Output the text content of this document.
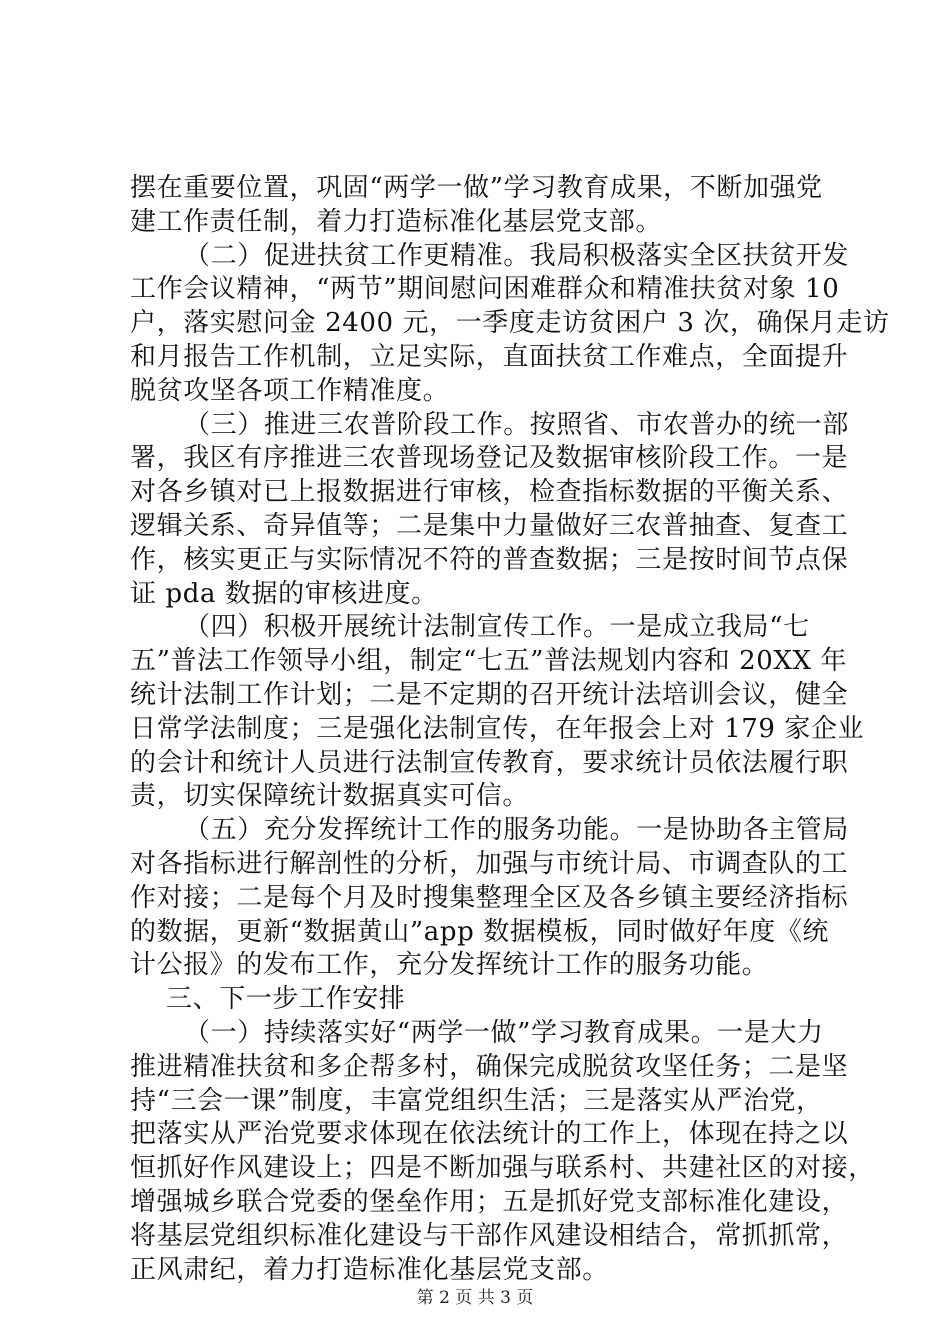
摆在重要位置，巩固“两学一做”学习教育成果，不断加强党
建工作责任制，着力打造标准化基层党支部。
（二）促进扶贫工作更精准。我局积极落实全区扶贫开发
工作会议精神，“两节”期间慰问困难群众和精准扶贫对象 10
户，落实慰问金 2400 元，一季度走访贫困户 3 次，确保月走访
和月报告工作机制，立足实际，直面扶贫工作难点，全面提升
脱贫攻坚各项工作精准度。
（三）推进三农普阶段工作。按照省、市农普办的统一部
署，我区有序推进三农普现场登记及数据审核阶段工作。一是
对各乡镇对已上报数据进行审核，检查指标数据的平衡关系、
逻辑关系、奇异值等；二是集中力量做好三农普抽查、复查工
作，核实更正与实际情况不符的普查数据；三是按时间节点保
证 pda 数据的审核进度。
（四）积极开展统计法制宣传工作。一是成立我局“七
五”普法工作领导小组，制定“七五”普法规划内容和 20XX 年
统计法制工作计划；二是不定期的召开统计法培训会议，健全
日常学法制度；三是强化法制宣传，在年报会上对 179 家企业
的会计和统计人员进行法制宣传教育，要求统计员依法履行职
责，切实保障统计数据真实可信。
（五）充分发挥统计工作的服务功能。一是协助各主管局
对各指标进行解剖性的分析，加强与市统计局、市调查队的工
作对接；二是每个月及时搜集整理全区及各乡镇主要经济指标
的数据，更新“数据黄山”app 数据模板，同时做好年度《统
计公报》的发布工作，充分发挥统计工作的服务功能。
三、下一步工作安排
（一）持续落实好“两学一做”学习教育成果。一是大力
推进精准扶贫和多企帮多村，确保完成脱贫攻坚任务；二是坚
持“三会一课”制度，丰富党组织生活；三是落实从严治党，
把落实从严治党要求体现在依法统计的工作上，体现在持之以
恒抓好作风建设上；四是不断加强与联系村、共建社区的对接，
增强城乡联合党委的堡垒作用；五是抓好党支部标准化建设，
将基层党组织标准化建设与干部作风建设相结合，常抓抓常，
正风肃纪，着力打造标准化基层党支部。
第 2 页 共 3 页
